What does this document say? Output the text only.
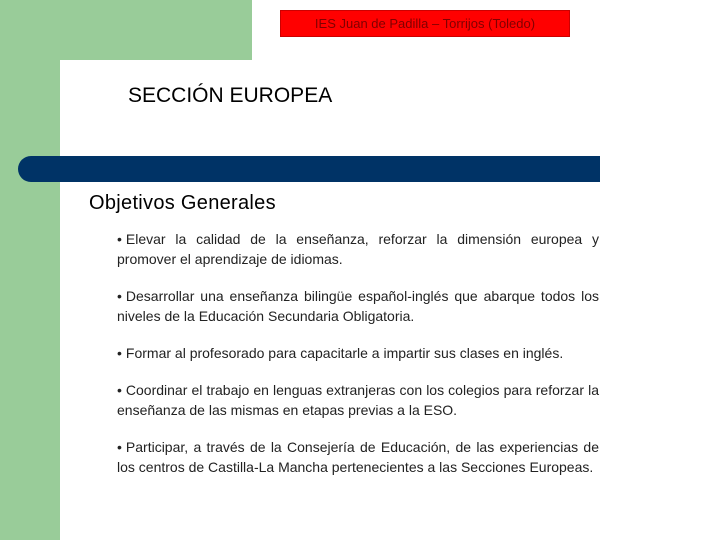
IES Juan de Padilla – Torrijos (Toledo)
SECCIÓN EUROPEA
Objetivos Generales
• Elevar la calidad de la enseñanza, reforzar la dimensión europea y promover el aprendizaje de idiomas.
• Desarrollar una enseñanza bilingüe español-inglés que abarque todos los niveles de la Educación Secundaria Obligatoria.
• Formar al profesorado para capacitarle a impartir sus clases en inglés.
• Coordinar el trabajo en lenguas extranjeras con los colegios para reforzar la enseñanza de las mismas en etapas previas a la ESO.
• Participar, a través de la Consejería de Educación, de las experiencias de los centros de Castilla-La Mancha pertenecientes a las Secciones Europeas.
